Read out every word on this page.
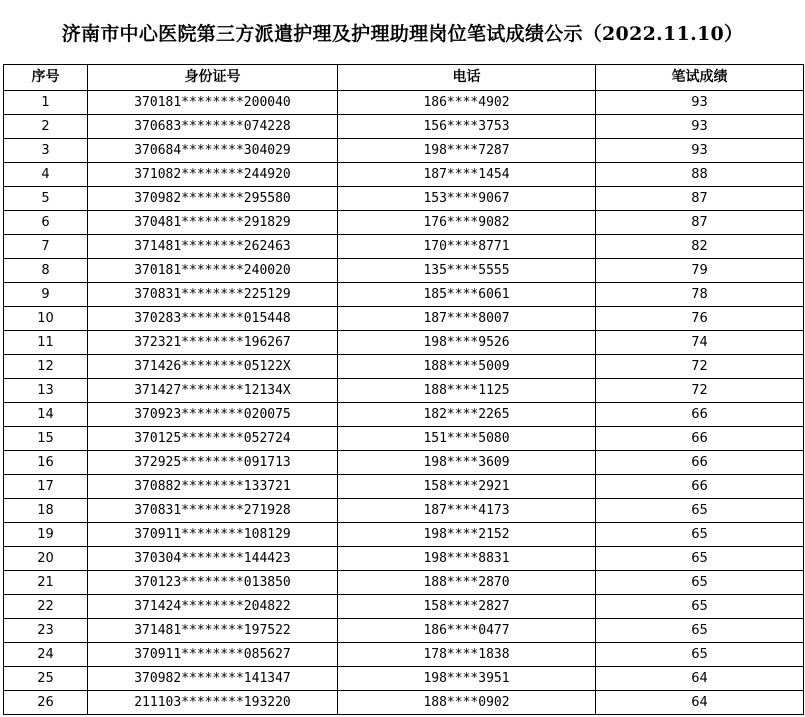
济南市中心医院第三方派遣护理及护理助理岗位笔试成绩公示（2022.11.10）
序号	身份证号	电话	笔试成绩
1	370181********200040	186****4902	93
2	370683********074228	156****3753	93
3	370684********304029	198****7287	93
4	371082********244920	187****1454	88
5	370982********295580	153****9067	87
6	370481********291829	176****9082	87
7	371481********262463	170****8771	82
8	370181********240020	135****5555	79
9	370831********225129	185****6061	78
10	370283********015448	187****8007	76
11	372321********196267	198****9526	74
12	371426********05122X	188****5009	72
13	371427********12134X	188****1125	72
14	370923********020075	182****2265	66
15	370125********052724	151****5080	66
16	372925********091713	198****3609	66
17	370882********133721	158****2921	66
18	370831********271928	187****4173	65
19	370911********108129	198****2152	65
20	370304********144423	198****8831	65
21	370123********013850	188****2870	65
22	371424********204822	158****2827	65
23	371481********197522	186****0477	65
24	370911********085627	178****1838	65
25	370982********141347	198****3951	64
26	211103********193220	188****0902	64
